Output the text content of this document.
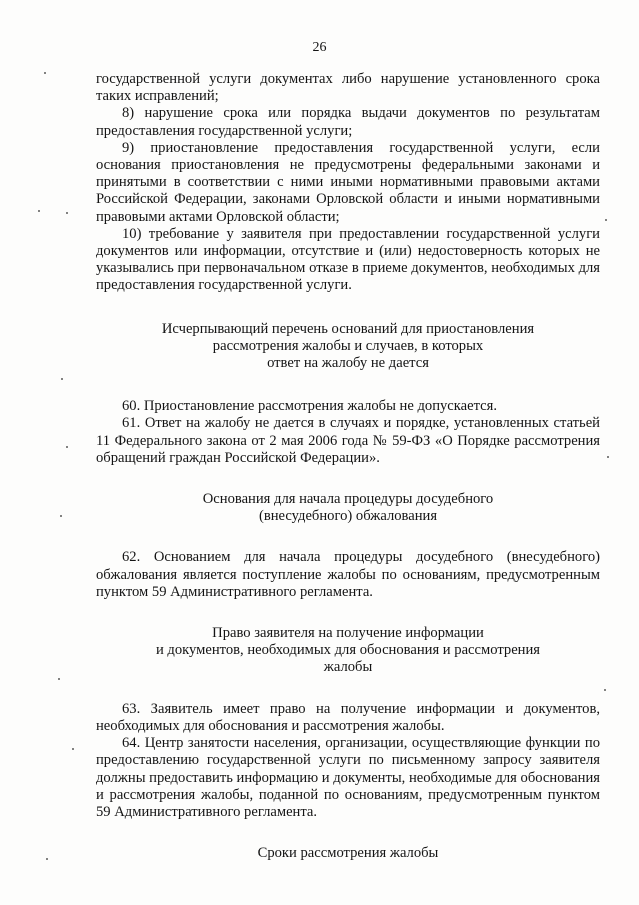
26

государственной услуги документах либо нарушение установленного срока таких исправлений;

8) нарушение срока или порядка выдачи документов по результатам предоставления государственной услуги;

9) приостановление предоставления государственной услуги, если основания приостановления не предусмотрены федеральными законами и принятыми в соответствии с ними иными нормативными правовыми актами Российской Федерации, законами Орловской области и иными нормативными правовыми актами Орловской области;

10) требование у заявителя при предоставлении государственной услуги документов или информации, отсутствие и (или) недостоверность которых не указывались при первоначальном отказе в приеме документов, необходимых для предоставления государственной услуги.

Исчерпывающий перечень оснований для приостановления
рассмотрения жалобы и случаев, в которых
ответ на жалобу не дается

60. Приостановление рассмотрения жалобы не допускается.

61. Ответ на жалобу не дается в случаях и порядке, установленных статьей 11 Федерального закона от 2 мая 2006 года № 59-ФЗ «О Порядке рассмотрения обращений граждан Российской Федерации».

Основания для начала процедуры досудебного
(внесудебного) обжалования

62. Основанием для начала процедуры досудебного (внесудебного) обжалования является поступление жалобы по основаниям, предусмотренным пунктом 59 Административного регламента.

Право заявителя на получение информации
и документов, необходимых для обоснования и рассмотрения
жалобы

63. Заявитель имеет право на получение информации и документов, необходимых для обоснования и рассмотрения жалобы.

64. Центр занятости населения, организации, осуществляющие функции по предоставлению государственной услуги по письменному запросу заявителя должны предоставить информацию и документы, необходимые для обоснования и рассмотрения жалобы, поданной по основаниям, предусмотренным пунктом 59 Административного регламента.

Сроки рассмотрения жалобы
